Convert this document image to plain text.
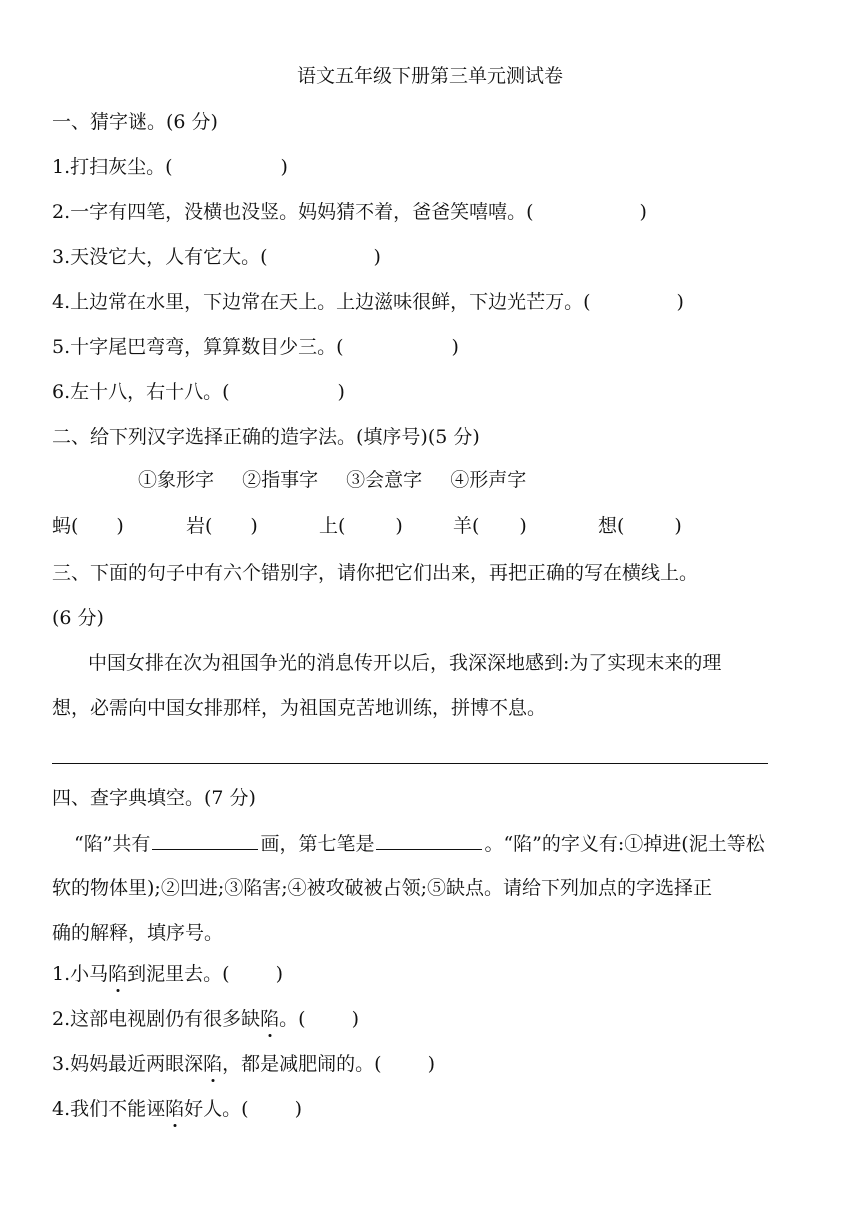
语文五年级下册第三单元测试卷
一、猜字谜。(6 分)
1.打扫灰尘。(	)
2.一字有四笔，没横也没竖。妈妈猜不着，爸爸笑嘻嘻。(	)
3.天没它大，人有它大。(	)
4.上边常在水里，下边常在天上。上边滋味很鲜，下边光芒万。(	)
5.十字尾巴弯弯，算算数目少三。(	)
6.左十八，右十八。(	)
二、给下列汉字选择正确的造字法。(填序号)(5 分)
①象形字 ②指事字 ③会意字 ④形声字
蚂( )	岩( )	上(	)	羊( )	想(	)
三、下面的句子中有六个错别字，请你把它们出来，再把正确的写在横线上。
(6 分)
中国女排在次为祖国争光的消息传开以后，我深深地感到:为了实现末来的理
想，必需向中国女排那样，为祖国克苦地训练，拼博不息。
四、查字典填空。(7 分)
“陷”共有	画，第七笔是	。“陷”的字义有:①掉进(泥土等松
软的物体里);②凹进;③陷害;④被攻破被占领;⑤缺点。请给下列加点的字选择正
确的解释，填序号。
1.小马陷到泥里去。( )
2.这部电视剧仍有很多缺陷。( )
3.妈妈最近两眼深陷，都是减肥闹的。( )
4.我们不能诬陷好人。( )
